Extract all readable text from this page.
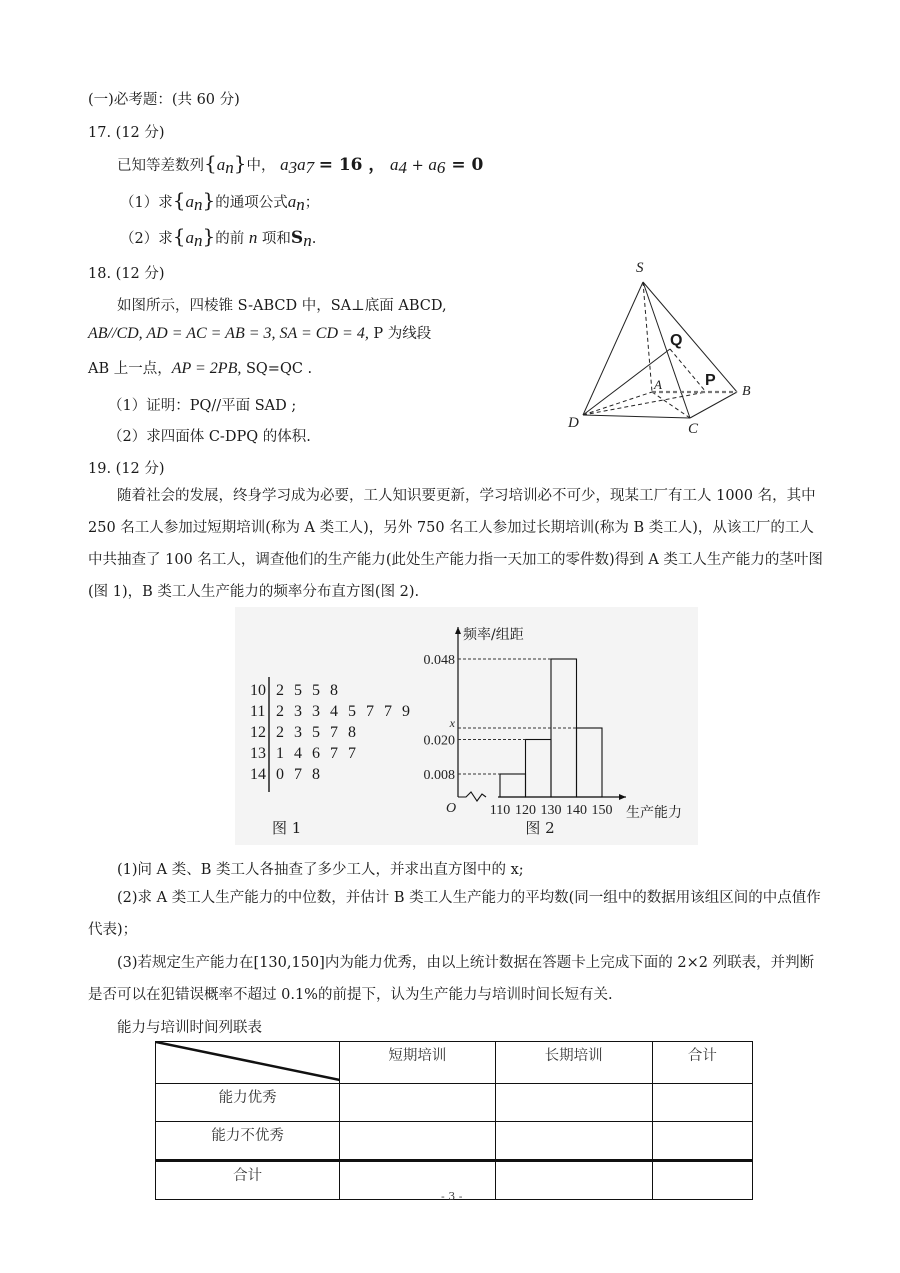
(一)必考题：(共 60 分)
17. (12 分)
已知等差数列$\{a_n\}$中， $a_3a_7 = 16$ ， $a_4 + a_6 = 0$
（1）求$\{a_n\}$的通项公式$a_n$；
（2）求$\{a_n\}$的前 n 项和$S_n$.
18. (12 分)
如图所示，四棱锥 S-ABCD 中，SA⊥底面 ABCD,
AB//CD, AD = AC = AB = 3, SA = CD = 4, P 为线段
AB 上一点，AP = 2PB, SQ=QC .
（1）证明：PQ//平面 SAD ;
（2）求四面体 C-DPQ 的体积.
S
A	B
D	C
Q
P
19. (12 分)
随着社会的发展，终身学习成为必要，工人知识要更新，学习培训必不可少，现某工厂有工人 1000 名，其中 250 名工人参加过短期培训(称为 A 类工人)，另外 750 名工人参加过长期培训(称为 B 类工人)，从该工厂的工人中共抽查了 100 名工人，调查他们的生产能力(此处生产能力指一天加工的零件数)得到 A 类工人生产能力的茎叶图(图 1)，B 类工人生产能力的频率分布直方图(图 2).
10 2 5 5 8
11 2 3 3 4 5 7 7 9
12 2 3 5 7 8
13 1 4 6 7 7
14 0 7 8
图 1
频率/组距
生产能力
O
0.008
0.020
x
0.048
110 120 130 140 150
图 2
(1)问 A 类、B 类工人各抽查了多少工人，并求出直方图中的 x;
(2)求 A 类工人生产能力的中位数，并估计 B 类工人生产能力的平均数(同一组中的数据用该组区间的中点值作代表)；
(3)若规定生产能力在[130,150]内为能力优秀，由以上统计数据在答题卡上完成下面的 2×2 列联表，并判断是否可以在犯错误概率不超过 0.1%的前提下，认为生产能力与培训时间长短有关.
能力与培训时间列联表
	短期培训	长期培训	合计
能力优秀			
能力不优秀			
合计			
- 3 -
